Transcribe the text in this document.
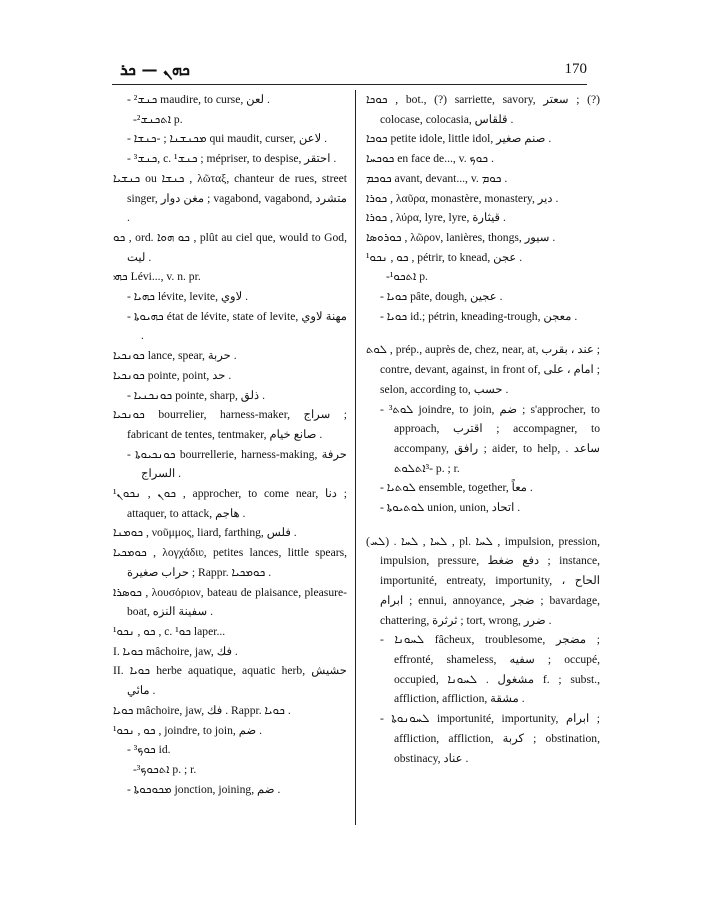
ܟܗܢ — ܟܪ	170

- ²ܟܢܫ maudire, to curse, لعن .

-²ܐܬܟܢܫ p.

- ܡܟܢܫܢܐ ; -ܟܢܫܐ qui maudit, curser, لاعن .

- ³ܟܢܫ, c. ¹ܟܢܫ ; mépriser, to despise, احتقر .

ܟܢܫܝܐ ou ܟܢܫܐ , λῶταξ, chanteur de rues, street singer, مغن دوار ; vagabond, vagabond, متشرد .

ܟܘ , ord. ܟܘ ܗܘܐ , plût au ciel que, would to God, ليت .

ܟܗܝ Lévi..., v. n. pr.

- ܟܗܝܐ lévite, levite, لاوي .

- ܟܗܝܘܬܐ état de lévite, state of levite, مهنة لاوي .

ܟܘܢܟܝܐ lance, spear, حربة .

ܟܘܢܟܝܐ pointe, point, حد .

- ܟܘܢܟܢܝܐ pointe, sharp, ذلق .

ܟܘܢܟܝܐ bourrelier, harness-maker, سراج ; fabricant de tentes, tentmaker, صانع خيام .

- ܟܘܢܟܝܘܬܐ bourrellerie, harness-making, حرفة السراج .

¹ܟܘܢ , ܢܟܘܢ , approcher, to come near, دنا ; attaquer, to attack, هاجم .

ܟܘܡܢܐ , νοῦμμος, liard, farthing, فلس .

ܟܘܡܟܝܐ , λογχάδιʋ, petites lances, little spears, حراب صغيرة ; Rappr. ܟܘܡܟܝܐ .

ܟܘܣܪܐ , λουσόριον, bateau de plaisance, pleasure-boat, سفينة النزه .

¹ܟܘ , ܢܟܘ , c. ¹ܟܘ laper...

I. ܟܘܝܐ mâchoire, jaw, فك .

II. ܟܘܝܐ herbe aquatique, aquatic herb, حشيش مائي .

ܟܘܝܐ mâchoire, jaw, فك . Rappr. ܟܘܝܐ .

¹ܟܘ , ܢܟܘ , joindre, to join, ضم .

- ³ܟܘܟ id.

-³ܐܬܟܘܟ p. ; r.

- ܡܟܘܟܘܬܐ jonction, joining, ضم .

ܟܘܟܐ , bot., (?) sarriette, savory, سعتر ; (?) colocase, colocasia, قلقاس .

ܟܘܟܐ petite idole, little idol, صنم صغير .

ܟܘܟܚܐ en face de..., v. ܟܘܟ .

ܟܘܟܡ avant, devant..., v. ܟܘܡ .

ܟܘܪܐ , λαῦρα, monastère, monastery, دير .

ܟܘܪܐ , λύρα, lyre, lyre, قيثارة .

ܟܘܪܘܣܐ , λῶρον, lanières, thongs, سيور .

¹ܟܘ , ܢܟܘ , pétrir, to knead, عجن .

-¹ܐܬܟܘ p.

- ܟܘܝܐ pâte, dough, عجين .

- ܟܘܝܐ id.; pétrin, kneading-trough, معجن .

ܠܘܬ , prép., auprès de, chez, near, at, عند ، بقرب ; contre, devant, against, in front of, امام ، على ; selon, according to, حسب .

- ³ܠܘܬ joindre, to join, ضم ; s'approcher, to approach, اقترب ; accompagner, to accompany, رافق ; aider, to help, ساعد . -³ܐܬܠܘܬ p. ; r.

- ܠܘܬܝܐ ensemble, together, معاً .

- ܠܘܬܝܘܬܐ union, union, اتحاد .

(ܠܚ) . ܠܚܐ , ܠܚܐ , pl. ܠܚܐ , impulsion, pression, impulsion, pressure, دفع ضغط ; instance, importunité, entreaty, importunity, الحاح ، ابرام ; ennui, annoyance, ضجر ; bavardage, chattering, ثرثرة ; tort, wrong, ضرر .

- ܠܚܘܢܐ fâcheux, troublesome, مضجر ; effronté, shameless, سفيه ; occupé, occupied, مشغول . ܠܚܘܢܐ f. ; subst., affliction, affliction, مشقة .

- ܠܚܘܢܘܬܐ importunité, importunity, ابرام ; affliction, affliction, كربة ; obstination, obstinacy, عناد .
